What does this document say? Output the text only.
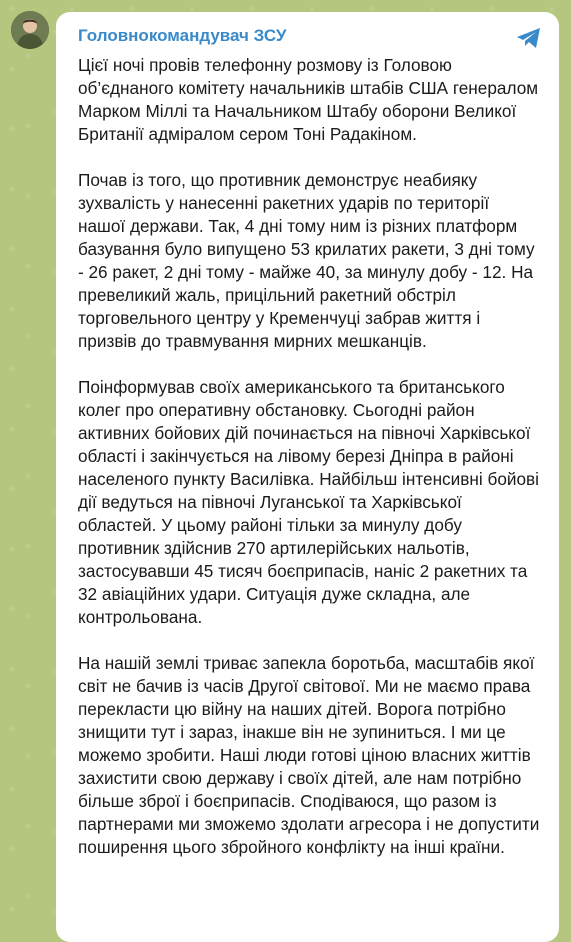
Головнокомандувач ЗСУ

Цієї ночі провів телефонну розмову із Головою об’єднаного комітету начальників штабів США генералом Марком Міллі та Начальником Штабу оборони Великої Британії адміралом сером Тоні Радакіном.

Почав із того, що противник демонструє неабияку зухвалість у нанесенні ракетних ударів по території нашої держави. Так, 4 дні тому ним із різних платформ базування було випущено 53 крилатих ракети, 3 дні тому - 26 ракет, 2 дні тому - майже 40, за минулу добу - 12. На превеликий жаль, прицільний ракетний обстріл торговельного центру у Кременчуці забрав життя і призвів до травмування мирних мешканців.

Поінформував своїх американського та британського колег про оперативну обстановку. Сьогодні район активних бойових дій починається на півночі Харківської області і закінчується на лівому березі Дніпра в районі населеного пункту Василівка. Найбільш інтенсивні бойові дії ведуться на півночі Луганської та Харківської областей. У цьому районі тільки за минулу добу противник здійснив 270 артилерійських нальотів, застосувавши 45 тисяч боєприпасів, наніс 2 ракетних та 32 авіаційних удари. Ситуація дуже складна, але контрольована.

На нашій землі триває запекла боротьба, масштабів якої світ не бачив із часів Другої світової. Ми не маємо права перекласти цю війну на наших дітей. Ворога потрібно знищити тут і зараз, інакше він не зупиниться. І ми це можемо зробити. Наші люди готові ціною власних життів захистити свою державу і своїх дітей, але нам потрібно більше зброї і боєприпасів. Сподіваюся, що разом із партнерами ми зможемо здолати агресора і не допустити поширення цього збройного конфлікту на інші країни.
